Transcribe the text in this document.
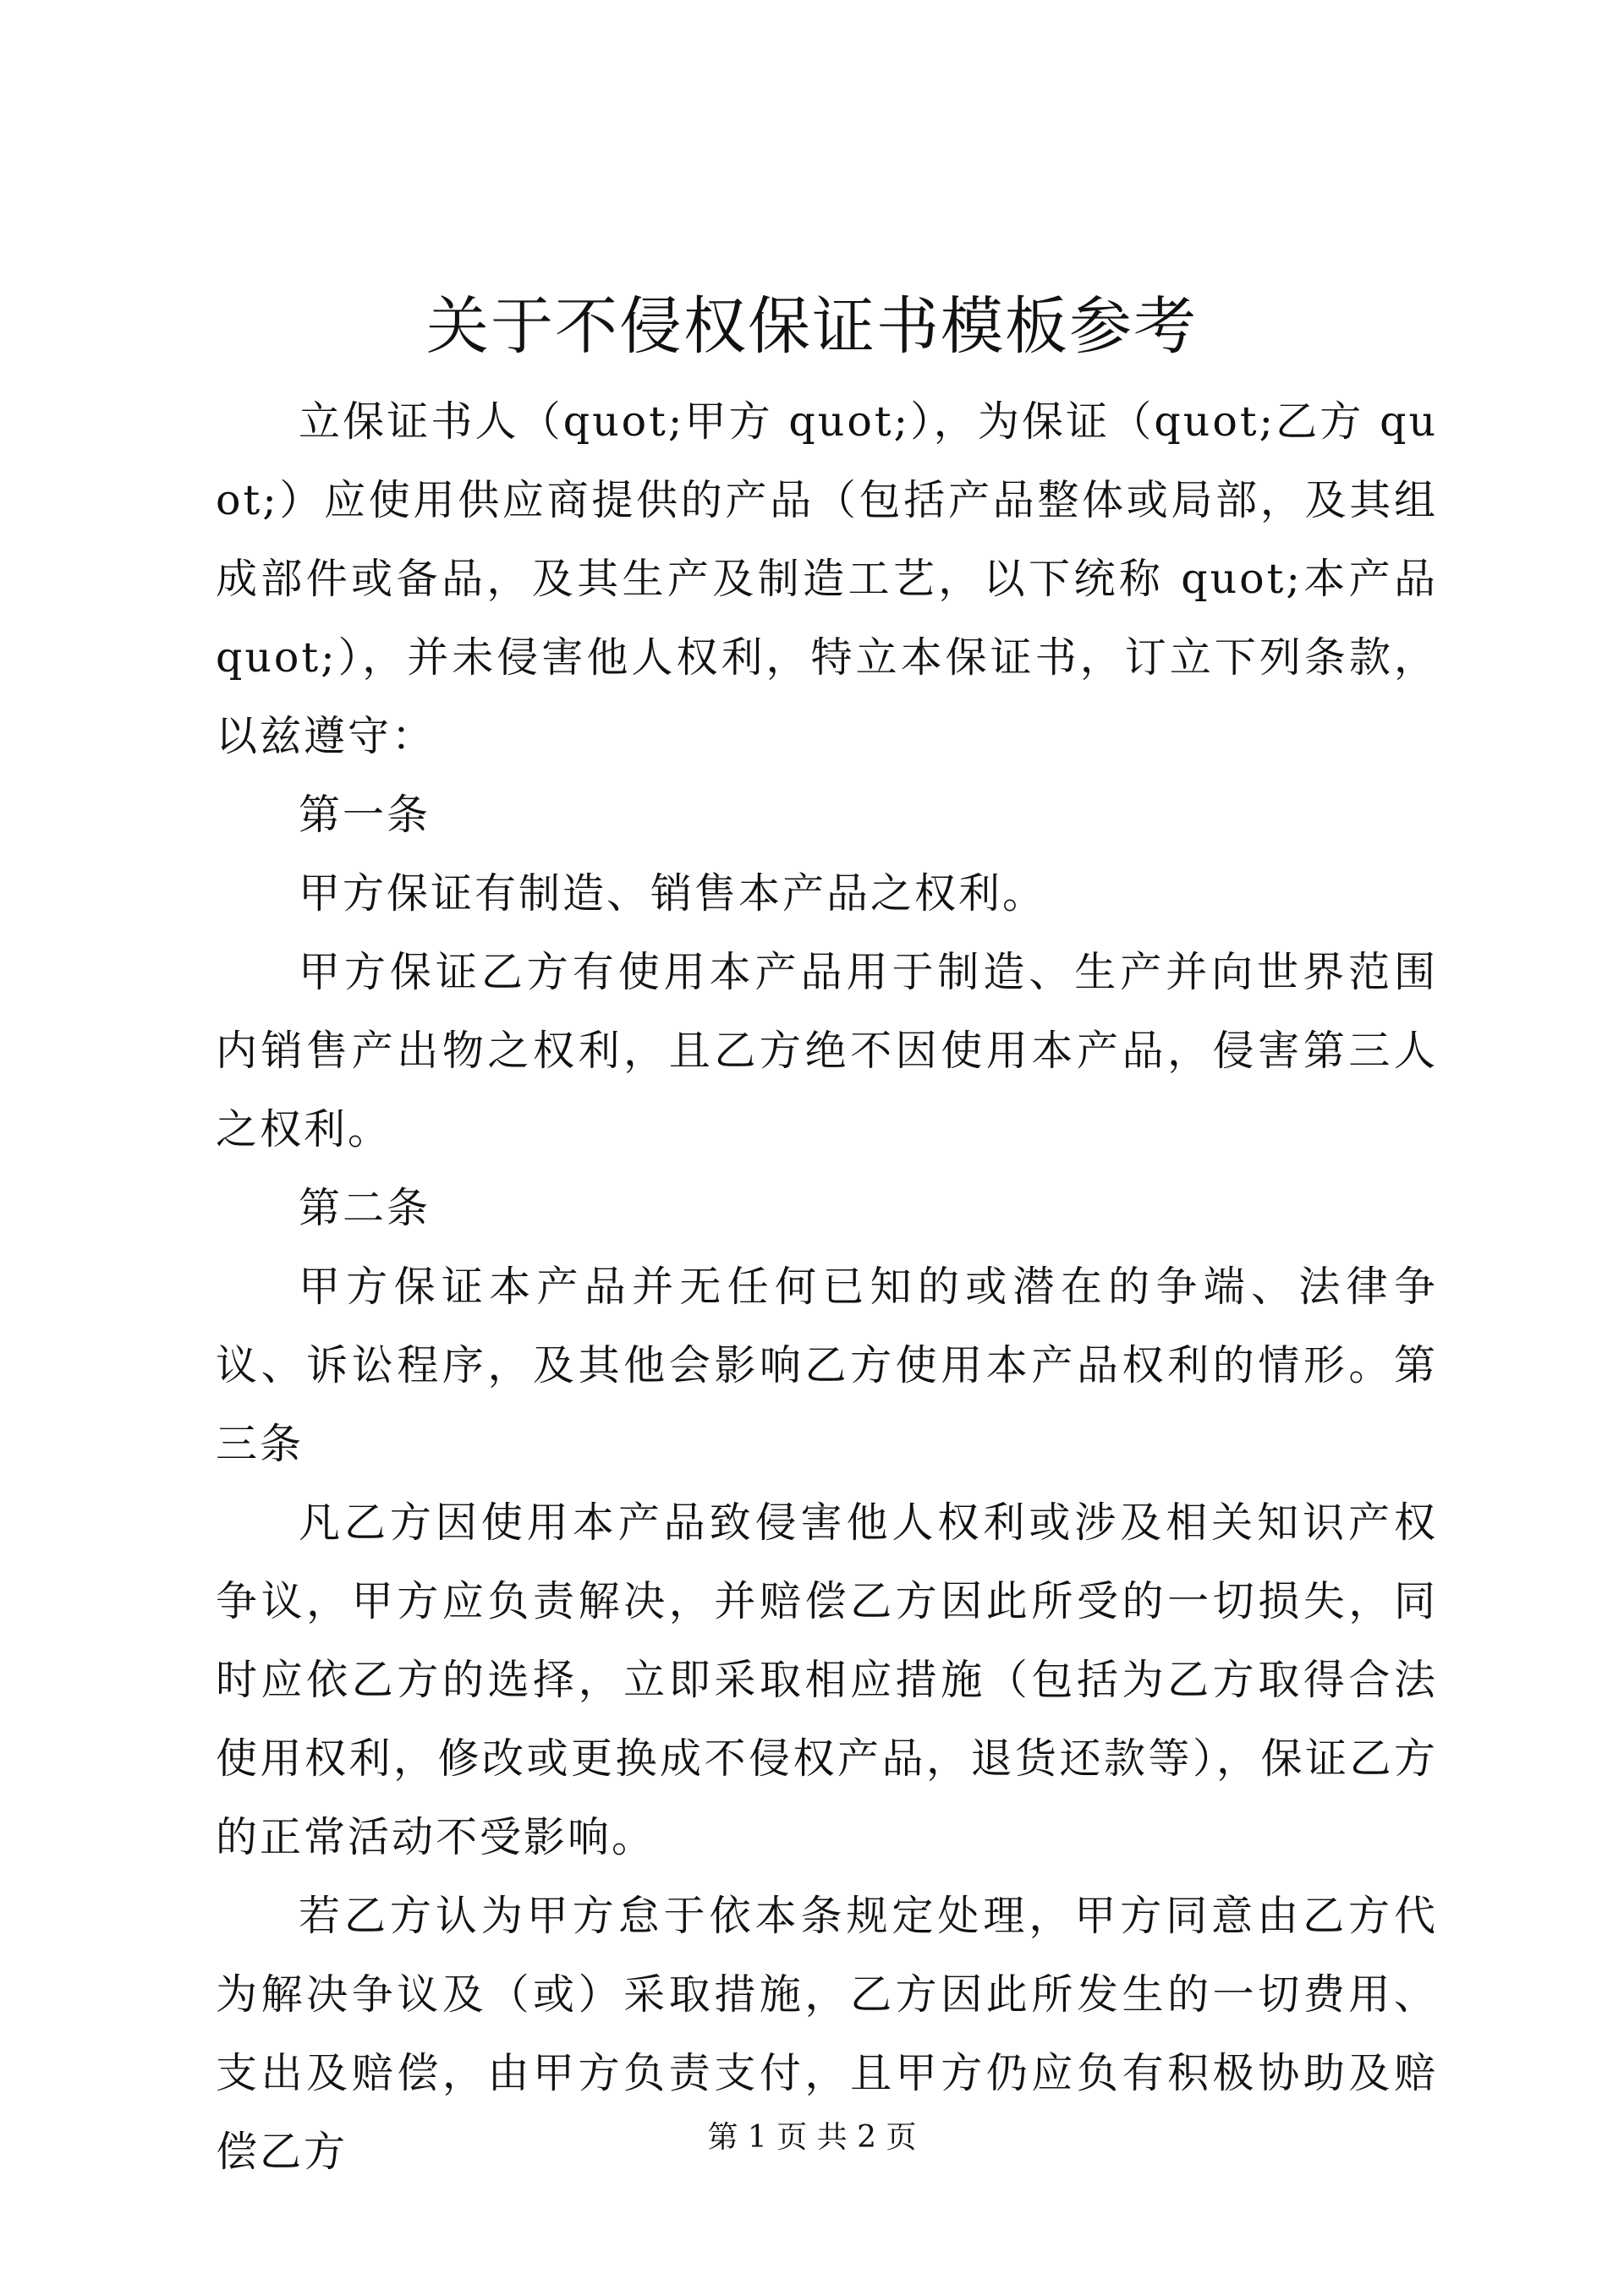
关于不侵权保证书模板参考

立保证书人（quot;甲方 quot;），为保证（quot;乙方 quot;）应使用供应商提供的产品（包括产品整体或局部，及其组成部件或备品，及其生产及制造工艺，以下统称 quot;本产品 quot;），并未侵害他人权利，特立本保证书，订立下列条款，以兹遵守：

第一条

甲方保证有制造、销售本产品之权利。

甲方保证乙方有使用本产品用于制造、生产并向世界范围内销售产出物之权利，且乙方绝不因使用本产品，侵害第三人之权利。

第二条

甲方保证本产品并无任何已知的或潜在的争端、法律争议、诉讼程序，及其他会影响乙方使用本产品权利的情形。第三条

凡乙方因使用本产品致侵害他人权利或涉及相关知识产权争议，甲方应负责解决，并赔偿乙方因此所受的一切损失，同时应依乙方的选择，立即采取相应措施（包括为乙方取得合法使用权利，修改或更换成不侵权产品，退货还款等），保证乙方的正常活动不受影响。

若乙方认为甲方怠于依本条规定处理，甲方同意由乙方代为解决争议及（或）采取措施，乙方因此所发生的一切费用、支出及赔偿，由甲方负责支付，且甲方仍应负有积极协助及赔偿乙方	第 1 页 共 2 页
